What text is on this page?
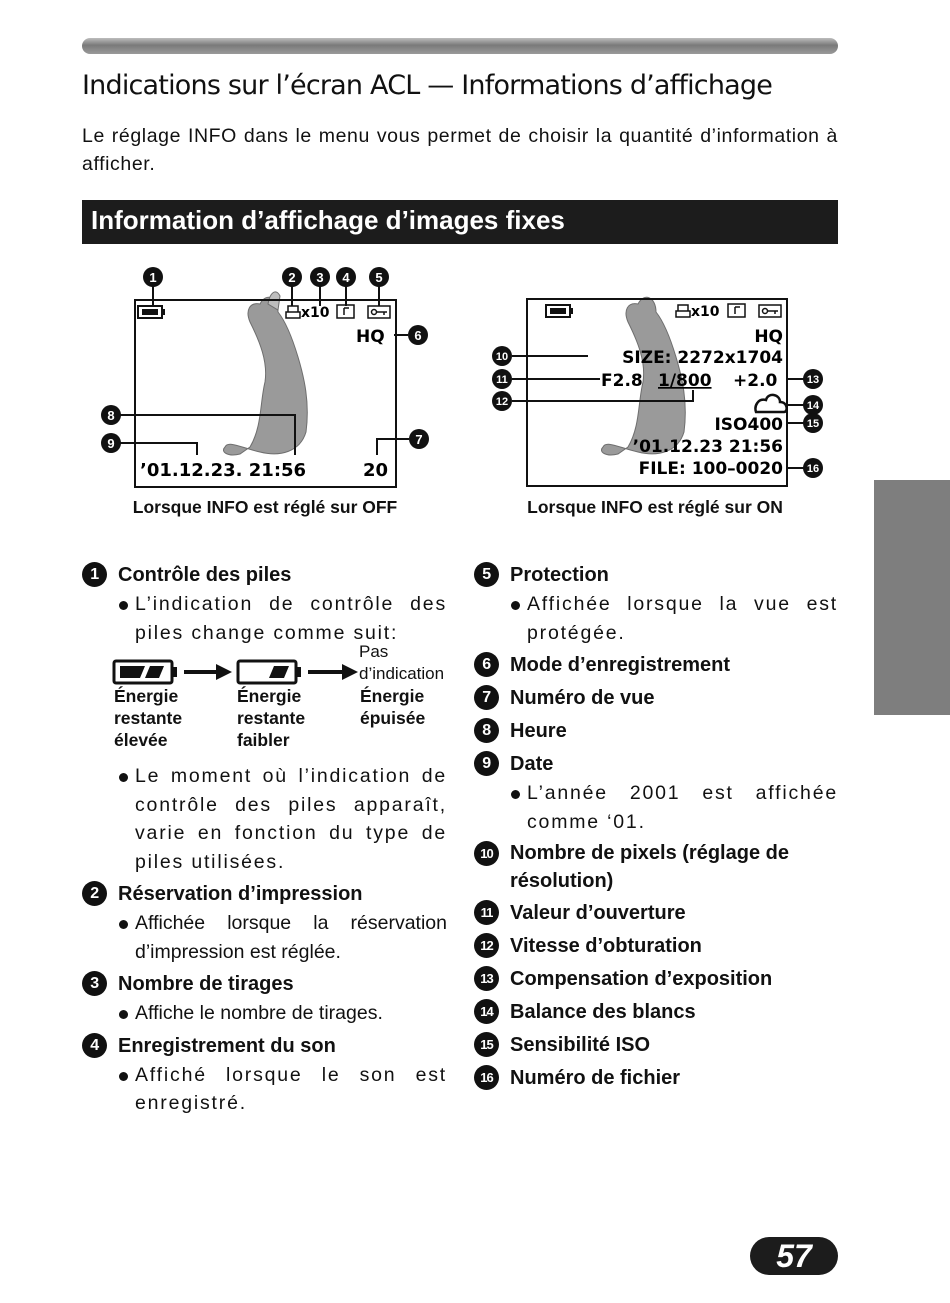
Indications sur l’écran ACL — Informations d’affichage

Le réglage INFO dans le menu vous permet de choisir la quantité d’information à afficher.

Information d’affichage d’images fixes
x10
HQ
’01.12.23. 21:56	20
1	2 3 4 5
6
7
8
9
Lorsque INFO est réglé sur OFF
x10
HQ
SIZE: 2272x1704
F2.8 1/800 +2.0
ISO400
’01.12.23 21:56
FILE: 100–0020
10
11
12
13
14
15
16
Lorsque INFO est réglé sur ON

1 Contrôle des piles

L’indication de contrôle des piles change comme suit:

Pas
d’indication
Énergie
restante
élevée
Énergie
restante
faibler
Énergie
épuisée

Le moment où l’indication de contrôle des piles apparaît, varie en fonction du type de piles utilisées.

2 Réservation d’impression

Affichée lorsque la réservation d’impression est réglée.

3 Nombre de tirages

Affiche le nombre de tirages.

4 Enregistrement du son

Affiché lorsque le son est enregistré.

5 Protection

Affichée lorsque la vue est protégée.

6 Mode d’enregistrement

7 Numéro de vue

8 Heure

9 Date

L’année 2001 est affichée comme ‘01.

10 Nombre de pixels (réglage de résolution)

11 Valeur d’ouverture

12 Vitesse d’obturation

13 Compensation d’exposition

14 Balance des blancs

15 Sensibilité ISO

16 Numéro de fichier

57
